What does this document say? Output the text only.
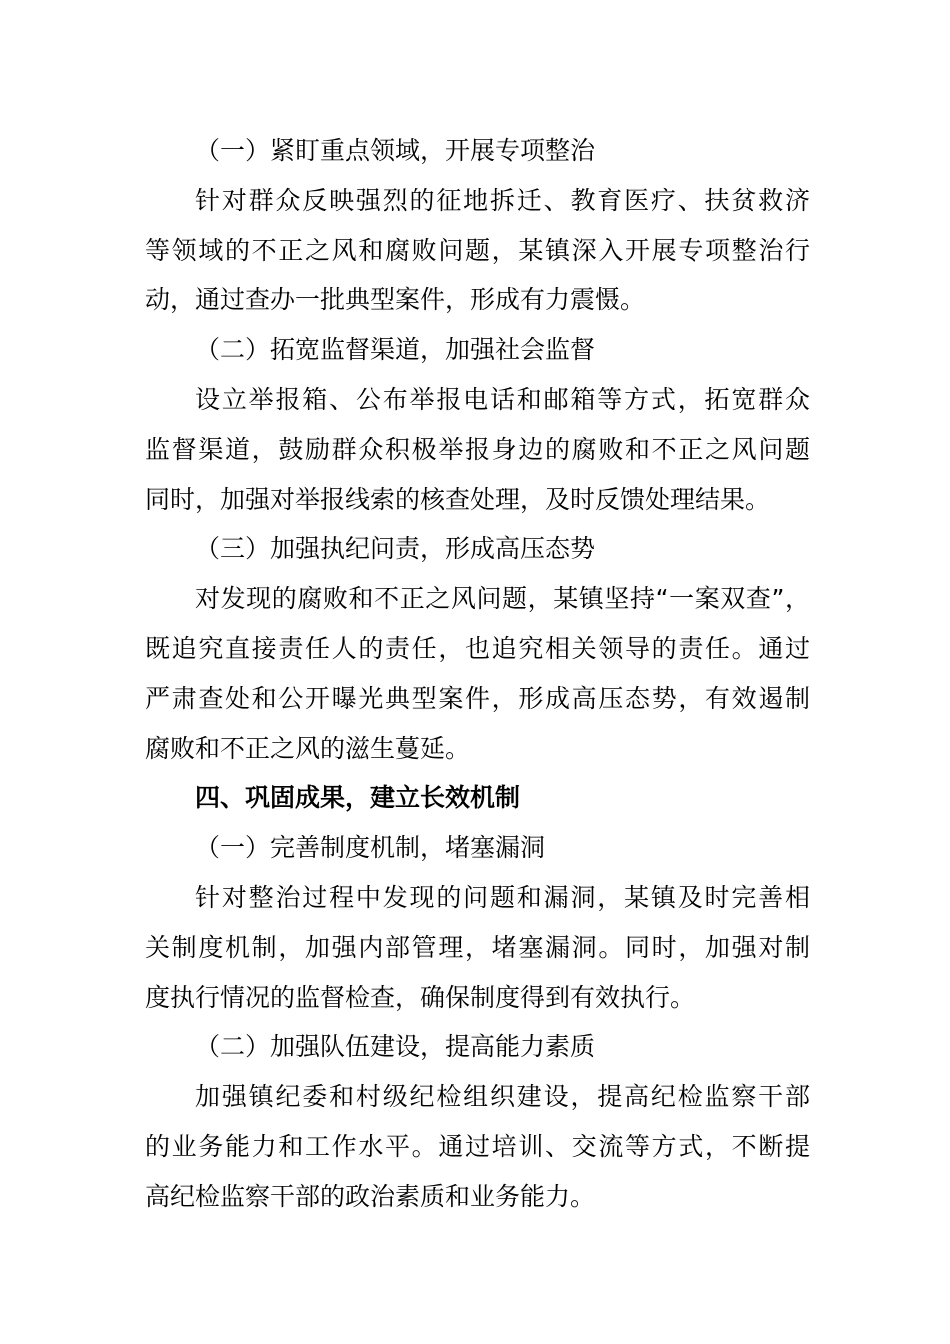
（一）紧盯重点领域，开展专项整治
针对群众反映强烈的征地拆迁、教育医疗、扶贫救济
等领域的不正之风和腐败问题，某镇深入开展专项整治行
动，通过查办一批典型案件，形成有力震慑。
（二）拓宽监督渠道，加强社会监督
设立举报箱、公布举报电话和邮箱等方式，拓宽群众
监督渠道，鼓励群众积极举报身边的腐败和不正之风问题
同时，加强对举报线索的核查处理，及时反馈处理结果。
（三）加强执纪问责，形成高压态势
对发现的腐败和不正之风问题，某镇坚持“一案双查”，
既追究直接责任人的责任，也追究相关领导的责任。通过
严肃查处和公开曝光典型案件，形成高压态势，有效遏制
腐败和不正之风的滋生蔓延。
四、巩固成果，建立长效机制
（一）完善制度机制，堵塞漏洞
针对整治过程中发现的问题和漏洞，某镇及时完善相
关制度机制，加强内部管理，堵塞漏洞。同时，加强对制
度执行情况的监督检查，确保制度得到有效执行。
（二）加强队伍建设，提高能力素质
加强镇纪委和村级纪检组织建设，提高纪检监察干部
的业务能力和工作水平。通过培训、交流等方式，不断提
高纪检监察干部的政治素质和业务能力。
